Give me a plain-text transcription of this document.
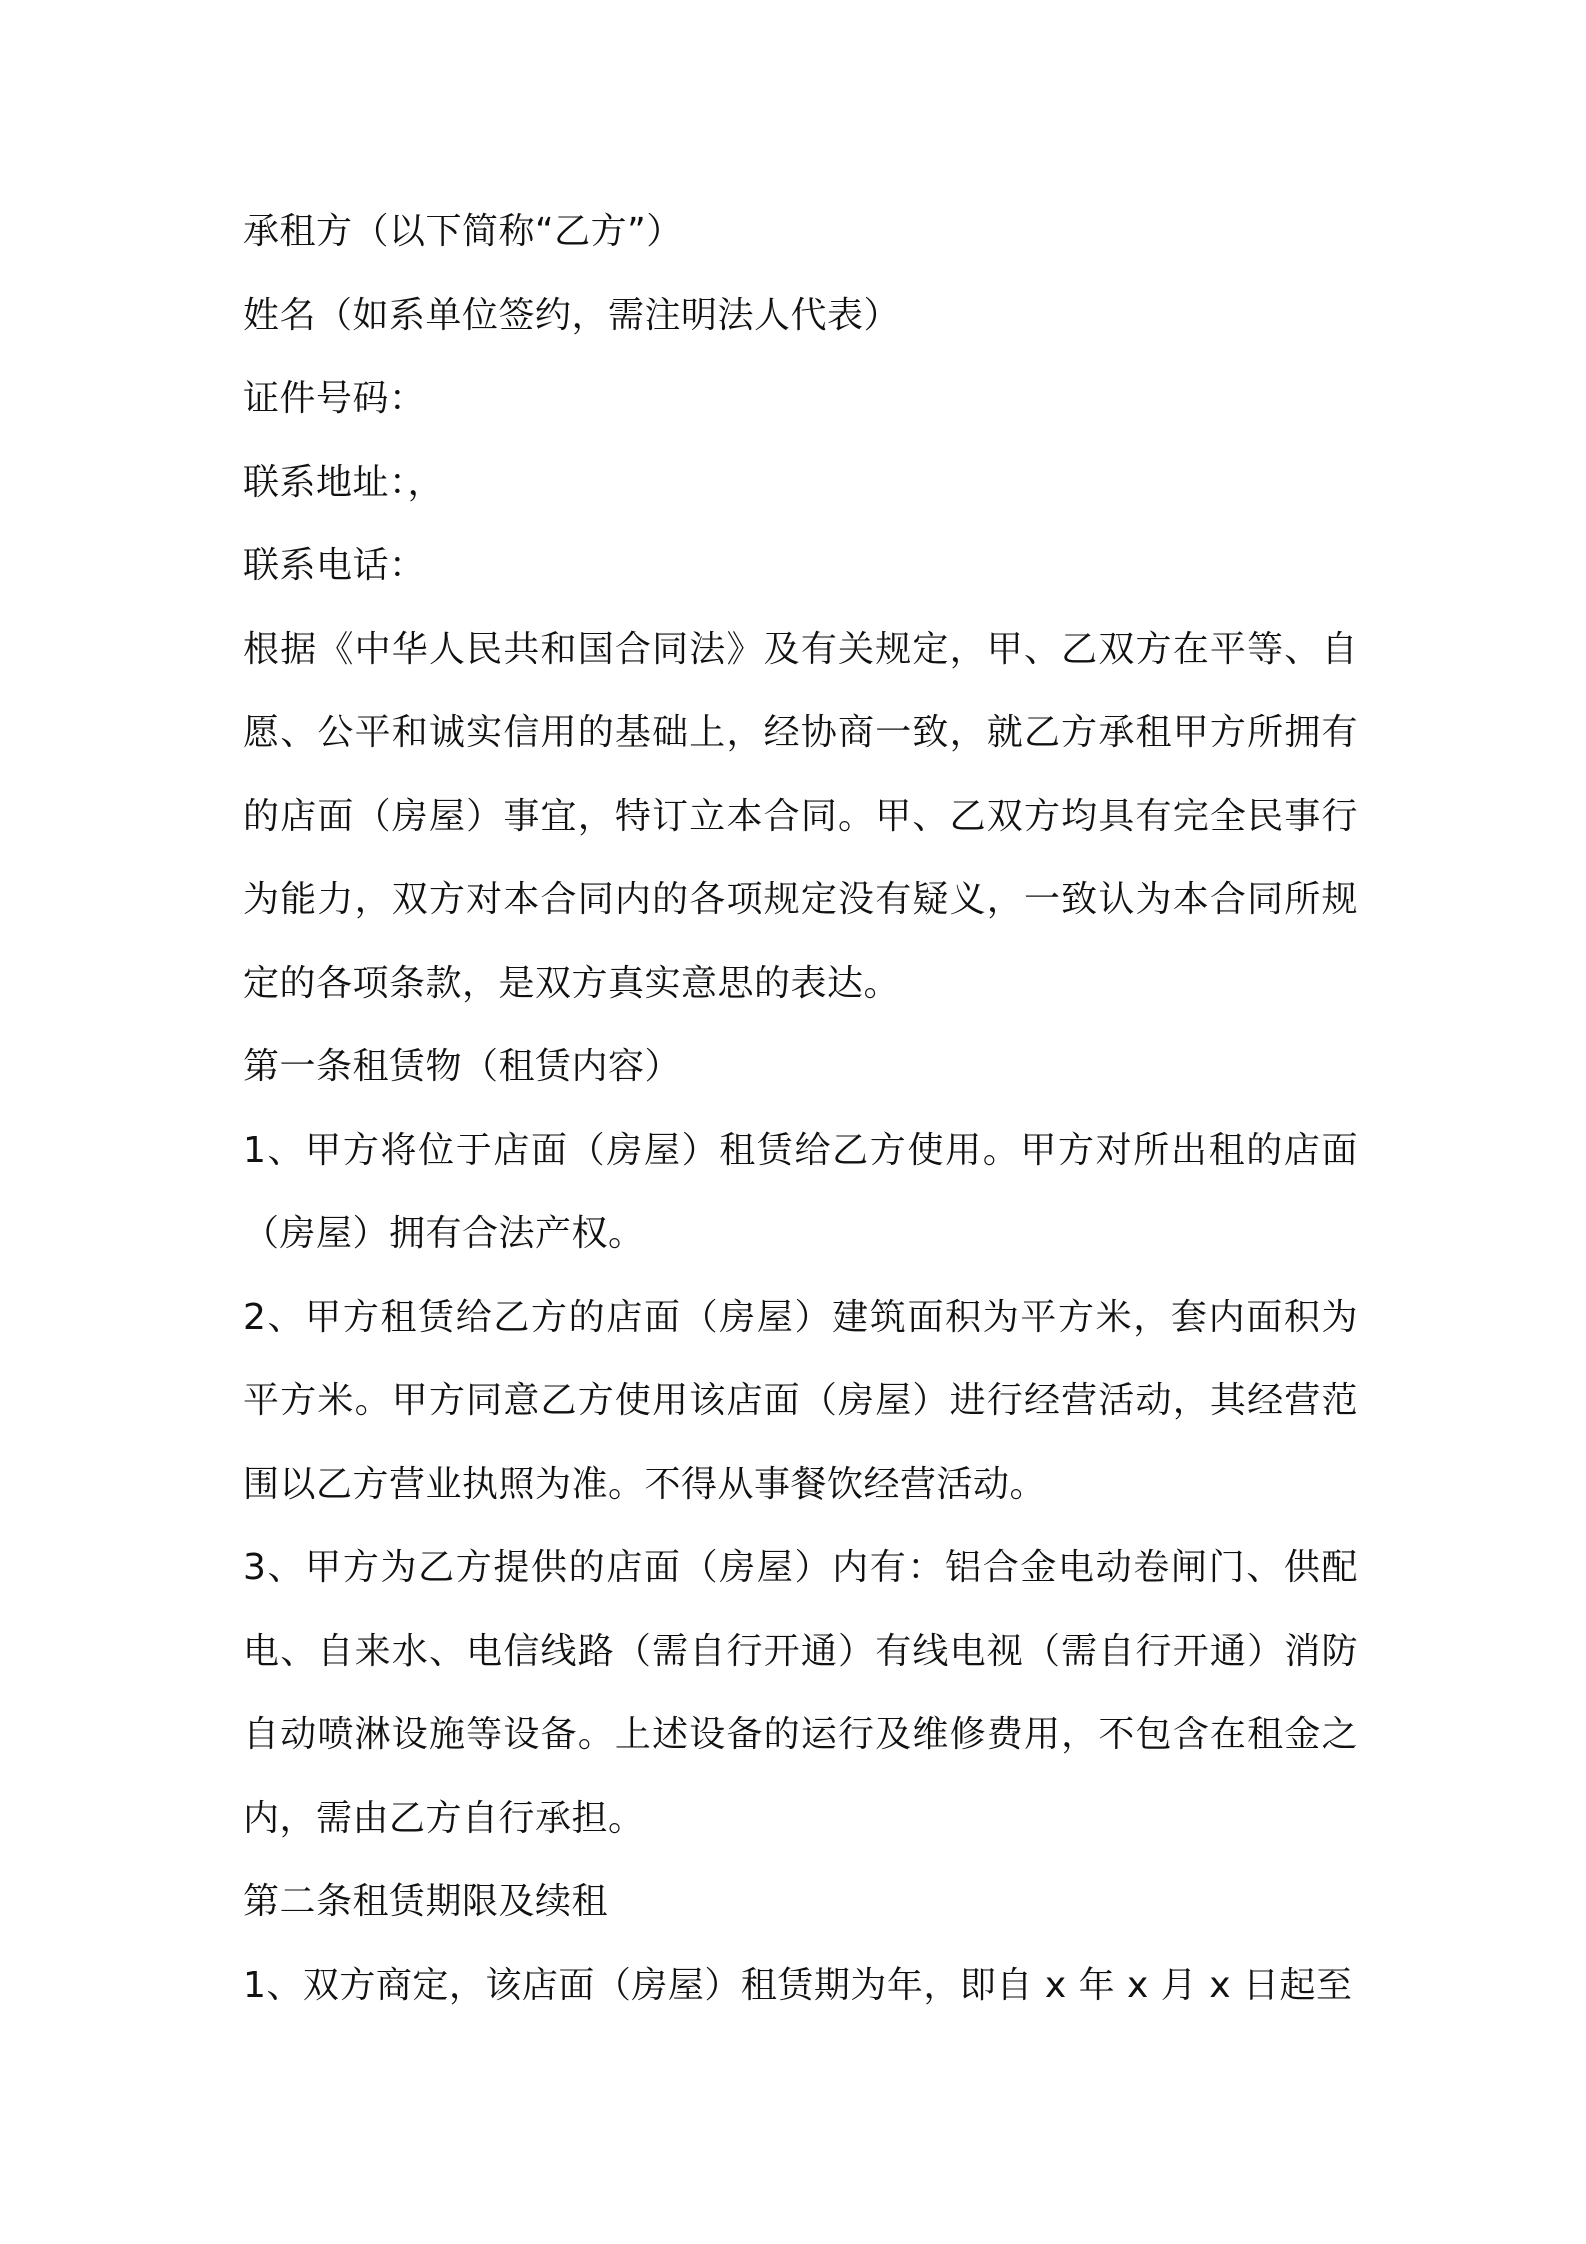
承租方（以下简称“乙方”）

姓名（如系单位签约，需注明法人代表）

证件号码：

联系地址：，

联系电话：

根据《中华人民共和国合同法》及有关规定，甲、乙双方在平等、自愿、公平和诚实信用的基础上，经协商一致，就乙方承租甲方所拥有的店面（房屋）事宜，特订立本合同。甲、乙双方均具有完全民事行为能力，双方对本合同内的各项规定没有疑义，一致认为本合同所规定的各项条款，是双方真实意思的表达。

第一条租赁物（租赁内容）

1、甲方将位于店面（房屋）租赁给乙方使用。甲方对所出租的店面（房屋）拥有合法产权。

2、甲方租赁给乙方的店面（房屋）建筑面积为平方米，套内面积为平方米。甲方同意乙方使用该店面（房屋）进行经营活动，其经营范围以乙方营业执照为准。不得从事餐饮经营活动。

3、甲方为乙方提供的店面（房屋）内有：铝合金电动卷闸门、供配电、自来水、电信线路（需自行开通）有线电视（需自行开通）消防自动喷淋设施等设备。上述设备的运行及维修费用，不包含在租金之内，需由乙方自行承担。

第二条租赁期限及续租

1、双方商定，该店面（房屋）租赁期为年，即自 x 年 x 月 x 日起至
